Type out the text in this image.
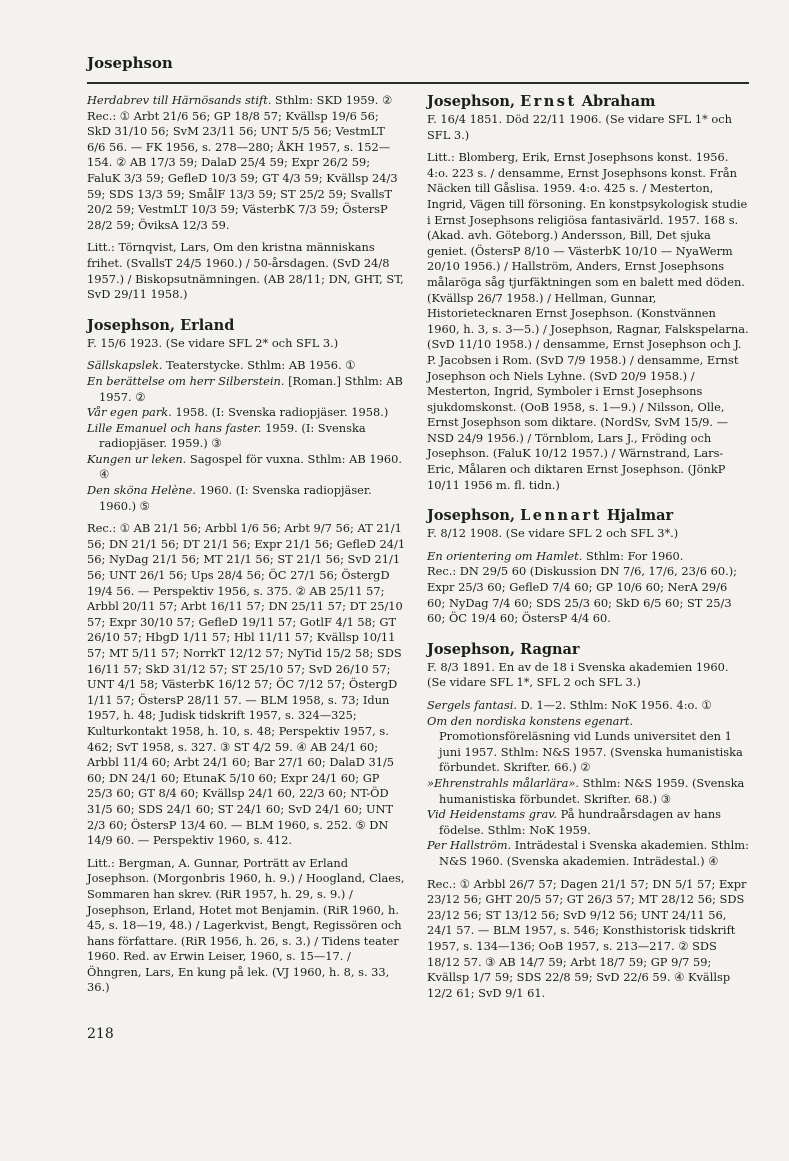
Josephson

Herdabrev till Härnösands stift. Sthlm: SKD 1959. ②

Rec.: ① Arbt 21/6 56; GP 18/8 57; Kvällsp 19/6 56; SkD 31/10 56; SvM 23/11 56; UNT 5/5 56; VestmLT 6/6 56. — FK 1956, s. 278—280; ÅKH 1957, s. 152—154. ② AB 17/3 59; DalaD 25/4 59; Expr 26/2 59; FaluK 3/3 59; GefleD 10/3 59; GT 4/3 59; Kvällsp 24/3 59; SDS 13/3 59; SmålF 13/3 59; ST 25/2 59; SvallsT 20/2 59; VestmLT 10/3 59; VästerbK 7/3 59; ÖstersP 28/2 59; ÖviksA 12/3 59.

Litt.: Törnqvist, Lars, Om den kristna människans frihet. (SvallsT 24/5 1960.) / 50-årsdagen. (SvD 24/8 1957.) / Biskopsutnämningen. (AB 28/11; DN, GHT, ST, SvD 29/11 1958.)

Josephson, Erland

F. 15/6 1923. (Se vidare SFL 2* och SFL 3.)

Sällskapslek. Teaterstycke. Sthlm: AB 1956. ①

En berättelse om herr Silberstein. [Roman.] Sthlm: AB 1957. ②

Vår egen park. 1958. (I: Svenska radiopjäser. 1958.)

Lille Emanuel och hans faster. 1959. (I: Svenska radiopjäser. 1959.) ③

Kungen ur leken. Sagospel för vuxna. Sthlm: AB 1960. ④

Den sköna Helène. 1960. (I: Svenska radiopjäser. 1960.) ⑤

Rec.: ① AB 21/1 56; Arbbl 1/6 56; Arbt 9/7 56; AT 21/1 56; DN 21/1 56; DT 21/1 56; Expr 21/1 56; GefleD 24/1 56; NyDag 21/1 56; MT 21/1 56; ST 21/1 56; SvD 21/1 56; UNT 26/1 56; Ups 28/4 56; ÖC 27/1 56; ÖstergD 19/4 56. — Perspektiv 1956, s. 375. ② AB 25/11 57; Arbbl 20/11 57; Arbt 16/11 57; DN 25/11 57; DT 25/10 57; Expr 30/10 57; GefleD 19/11 57; GotlF 4/1 58; GT 26/10 57; HbgD 1/11 57; Hbl 11/11 57; Kvällsp 10/11 57; MT 5/11 57; NorrkT 12/12 57; NyTid 15/2 58; SDS 16/11 57; SkD 31/12 57; ST 25/10 57; SvD 26/10 57; UNT 4/1 58; VästerbK 16/12 57; ÖC 7/12 57; ÖstergD 1/11 57; ÖstersP 28/11 57. — BLM 1958, s. 73; Idun 1957, h. 48; Judisk tidskrift 1957, s. 324—325; Kulturkontakt 1958, h. 10, s. 48; Perspektiv 1957, s. 462; SvT 1958, s. 327. ③ ST 4/2 59. ④ AB 24/1 60; Arbbl 11/4 60; Arbt 24/1 60; Bar 27/1 60; DalaD 31/5 60; DN 24/1 60; EtunaK 5/10 60; Expr 24/1 60; GP 25/3 60; GT 8/4 60; Kvällsp 24/1 60, 22/3 60; NT-ÖD 31/5 60; SDS 24/1 60; ST 24/1 60; SvD 24/1 60; UNT 2/3 60; ÖstersP 13/4 60. — BLM 1960, s. 252. ⑤ DN 14/9 60. — Perspektiv 1960, s. 412.

Litt.: Bergman, A. Gunnar, Porträtt av Erland Josephson. (Morgonbris 1960, h. 9.) / Hoogland, Claes, Sommaren han skrev. (RiR 1957, h. 29, s. 9.) / Josephson, Erland, Hotet mot Benjamin. (RiR 1960, h. 45, s. 18—19, 48.) / Lagerkvist, Bengt, Regissören och hans författare. (RiR 1956, h. 26, s. 3.) / Tidens teater 1960. Red. av Erwin Leiser, 1960, s. 15—17. / Öhngren, Lars, En kung på lek. (VJ 1960, h. 8, s. 33, 36.)

Josephson, Ernst Abraham

F. 16/4 1851. Död 22/11 1906. (Se vidare SFL 1* och SFL 3.)

Litt.: Blomberg, Erik, Ernst Josephsons konst. 1956. 4:o. 223 s. / densamme, Ernst Josephsons konst. Från Näcken till Gåslisa. 1959. 4:o. 425 s. / Mesterton, Ingrid, Vägen till försoning. En konstpsykologisk studie i Ernst Josephsons religiösa fantasivärld. 1957. 168 s. (Akad. avh. Göteborg.) Andersson, Bill, Det sjuka geniet. (ÖstersP 8/10 — VästerbK 10/10 — NyaWerm 20/10 1956.) / Hallström, Anders, Ernst Josephsons målaröga såg tjurfäktningen som en balett med döden. (Kvällsp 26/7 1958.) / Hellman, Gunnar, Historietecknaren Ernst Josephson. (Konstvännen 1960, h. 3, s. 3—5.) / Josephson, Ragnar, Falskspelarna. (SvD 11/10 1958.) / densamme, Ernst Josephson och J. P. Jacobsen i Rom. (SvD 7/9 1958.) / densamme, Ernst Josephson och Niels Lyhne. (SvD 20/9 1958.) / Mesterton, Ingrid, Symboler i Ernst Josephsons sjukdomskonst. (OoB 1958, s. 1—9.) / Nilsson, Olle, Ernst Josephson som diktare. (NordSv, SvM 15/9. — NSD 24/9 1956.) / Törnblom, Lars J., Fröding och Josephson. (FaluK 10/12 1957.) / Wärnstrand, Lars-Eric, Målaren och diktaren Ernst Josephson. (JönkP 10/11 1956 m. fl. tidn.)

Josephson, Lennart Hjalmar

F. 8/12 1908. (Se vidare SFL 2 och SFL 3*.)

En orientering om Hamlet. Sthlm: For 1960.

Rec.: DN 29/5 60 (Diskussion DN 7/6, 17/6, 23/6 60.); Expr 25/3 60; GefleD 7/4 60; GP 10/6 60; NerA 29/6 60; NyDag 7/4 60; SDS 25/3 60; SkD 6/5 60; ST 25/3 60; ÖC 19/4 60; ÖstersP 4/4 60.

Josephson, Ragnar

F. 8/3 1891. En av de 18 i Svenska akademien 1960. (Se vidare SFL 1*, SFL 2 och SFL 3.)

Sergels fantasi. D. 1—2. Sthlm: NoK 1956. 4:o. ①

Om den nordiska konstens egenart. Promotionsföreläsning vid Lunds universitet den 1 juni 1957. Sthlm: N&S 1957. (Svenska humanistiska förbundet. Skrifter. 66.) ②

»Ehrenstrahls målarlära». Sthlm: N&S 1959. (Svenska humanistiska förbundet. Skrifter. 68.) ③

Vid Heidenstams grav. På hundraårsdagen av hans födelse. Sthlm: NoK 1959.

Per Hallström. Inträdestal i Svenska akademien. Sthlm: N&S 1960. (Svenska akademien. Inträdestal.) ④

Rec.: ① Arbbl 26/7 57; Dagen 21/1 57; DN 5/1 57; Expr 23/12 56; GHT 20/5 57; GT 26/3 57; MT 28/12 56; SDS 23/12 56; ST 13/12 56; SvD 9/12 56; UNT 24/11 56, 24/1 57. — BLM 1957, s. 546; Konsthistorisk tidskrift 1957, s. 134—136; OoB 1957, s. 213—217. ② SDS 18/12 57. ③ AB 14/7 59; Arbt 18/7 59; GP 9/7 59; Kvällsp 1/7 59; SDS 22/8 59; SvD 22/6 59. ④ Kvällsp 12/2 61; SvD 9/1 61.

218
